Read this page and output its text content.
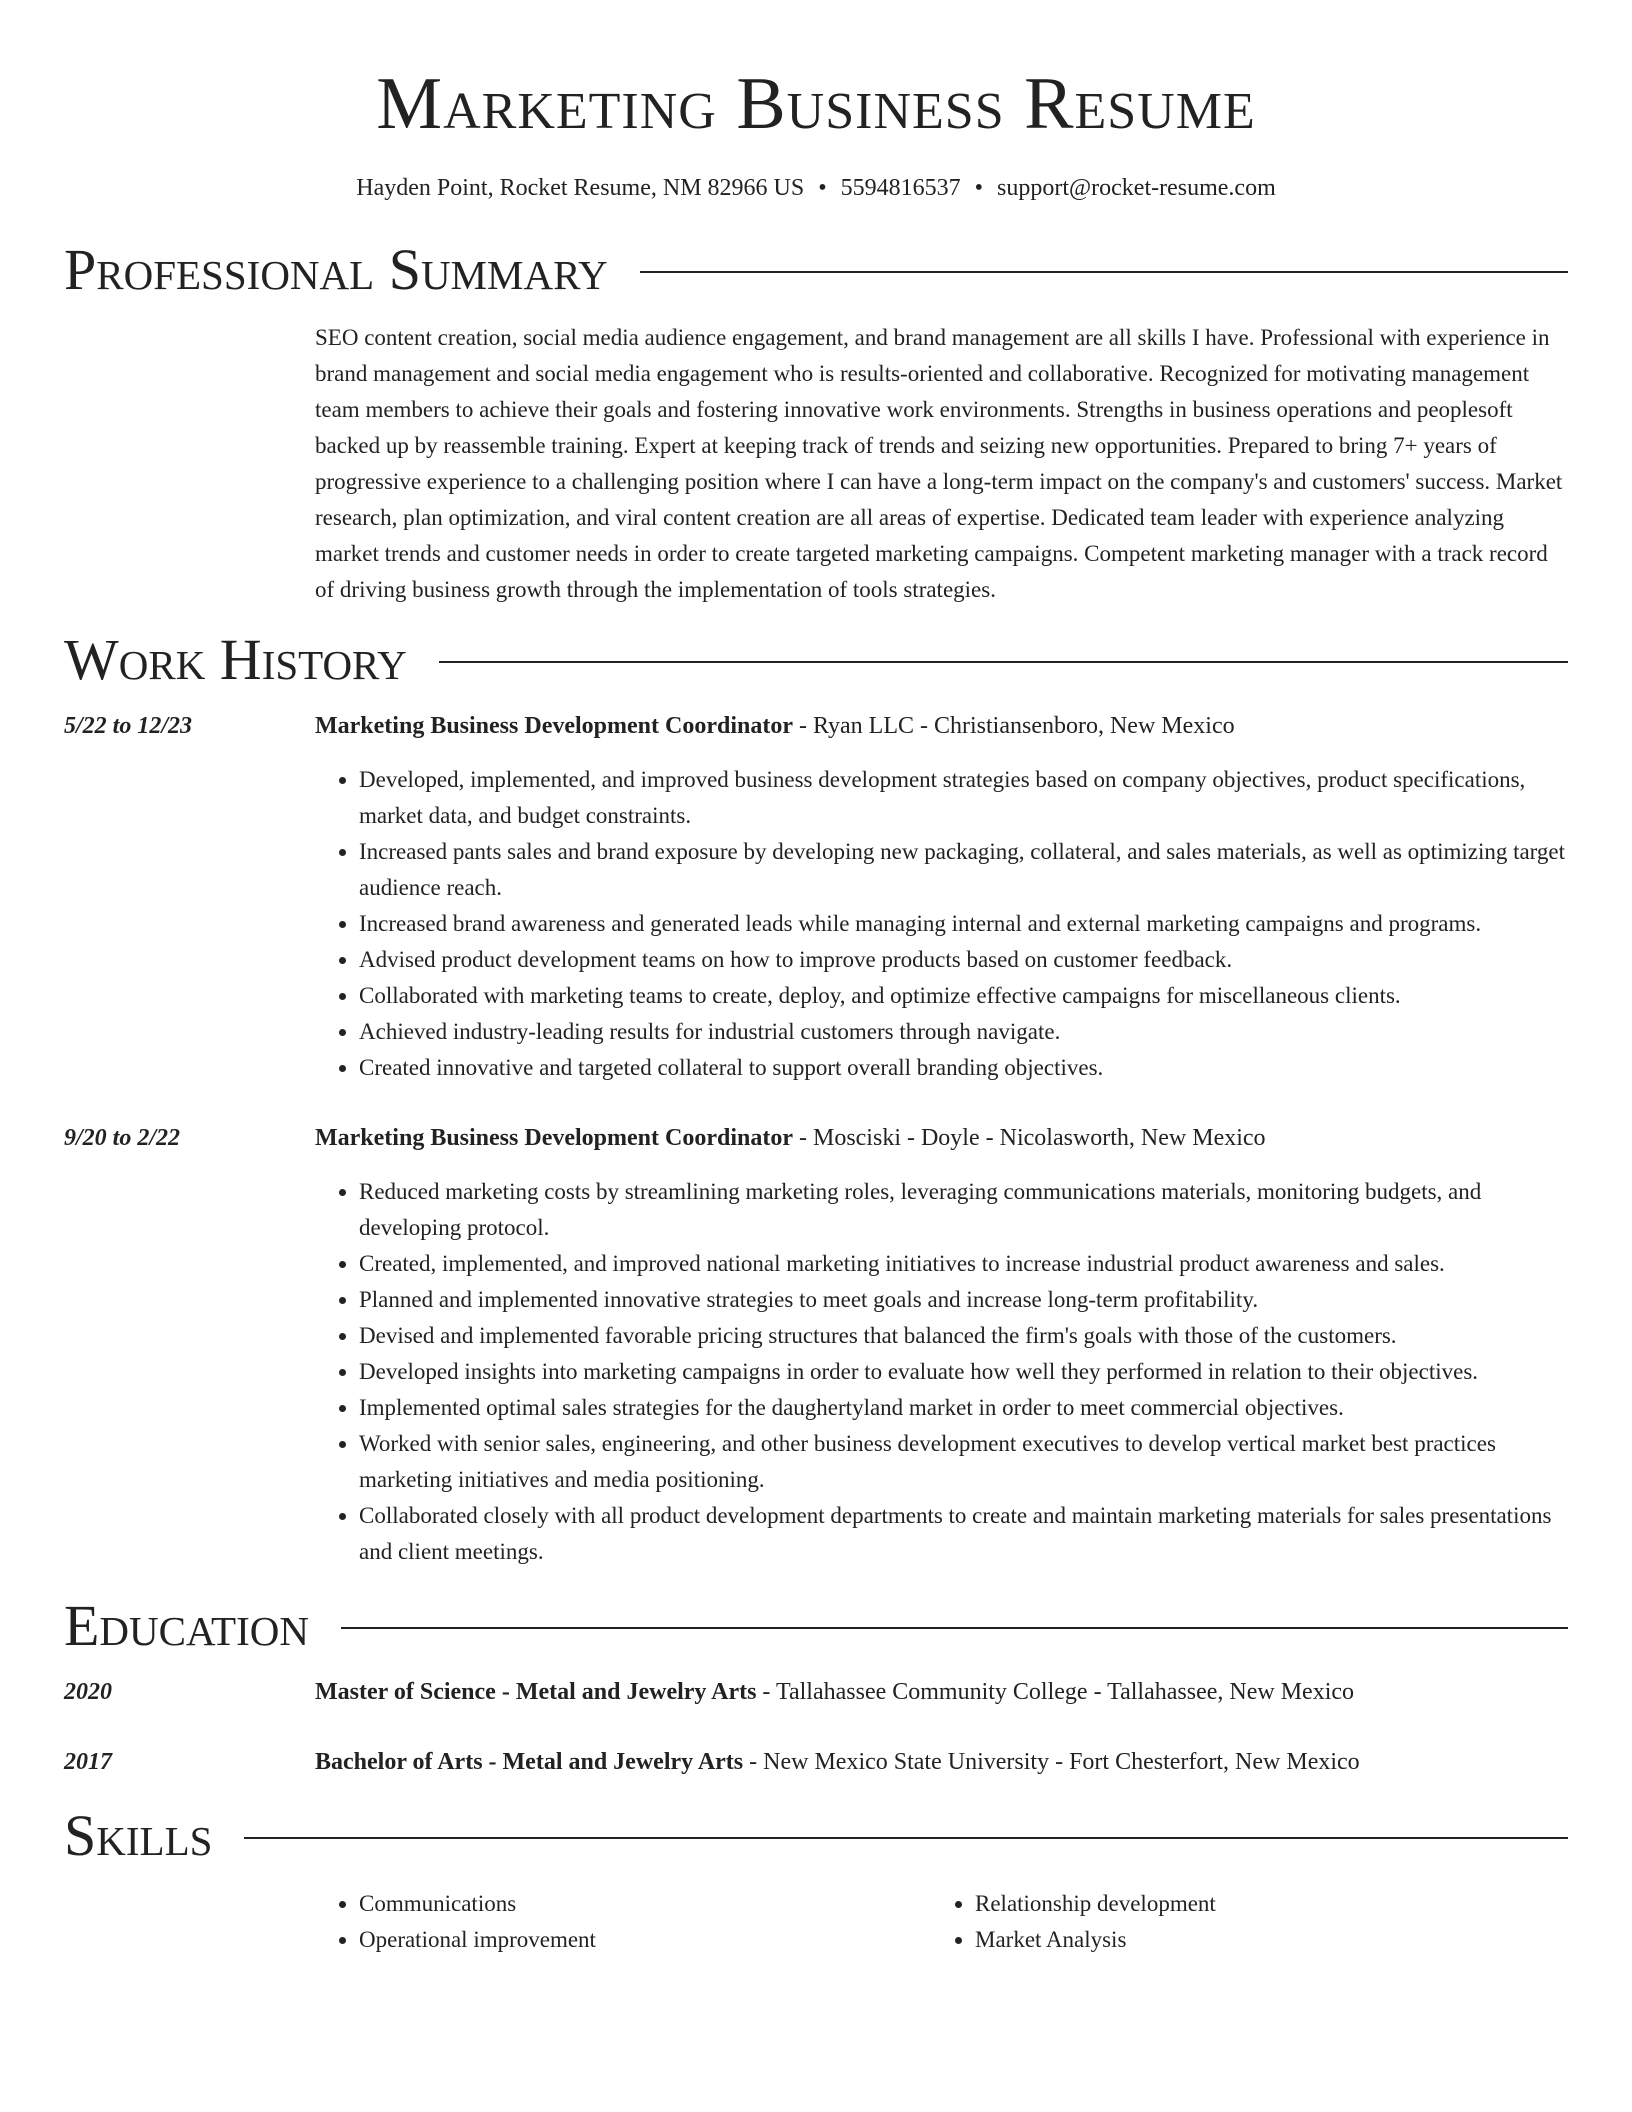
Marketing Business Resume
Hayden Point, Rocket Resume, NM 82966 US • 5594816537 • support@rocket-resume.com
Professional Summary
SEO content creation, social media audience engagement, and brand management are all skills I have. Professional with experience in brand management and social media engagement who is results-oriented and collaborative. Recognized for motivating management team members to achieve their goals and fostering innovative work environments. Strengths in business operations and peoplesoft backed up by reassemble training. Expert at keeping track of trends and seizing new opportunities. Prepared to bring 7+ years of progressive experience to a challenging position where I can have a long-term impact on the company's and customers' success. Market research, plan optimization, and viral content creation are all areas of expertise. Dedicated team leader with experience analyzing market trends and customer needs in order to create targeted marketing campaigns. Competent marketing manager with a track record of driving business growth through the implementation of tools strategies.
Work History
5/22 to 12/23	Marketing Business Development Coordinator - Ryan LLC - Christiansenboro, New Mexico
• Developed, implemented, and improved business development strategies based on company objectives, product specifications, market data, and budget constraints.
• Increased pants sales and brand exposure by developing new packaging, collateral, and sales materials, as well as optimizing target audience reach.
• Increased brand awareness and generated leads while managing internal and external marketing campaigns and programs.
• Advised product development teams on how to improve products based on customer feedback.
• Collaborated with marketing teams to create, deploy, and optimize effective campaigns for miscellaneous clients.
• Achieved industry-leading results for industrial customers through navigate.
• Created innovative and targeted collateral to support overall branding objectives.
9/20 to 2/22	Marketing Business Development Coordinator - Mosciski - Doyle - Nicolasworth, New Mexico
• Reduced marketing costs by streamlining marketing roles, leveraging communications materials, monitoring budgets, and developing protocol.
• Created, implemented, and improved national marketing initiatives to increase industrial product awareness and sales.
• Planned and implemented innovative strategies to meet goals and increase long-term profitability.
• Devised and implemented favorable pricing structures that balanced the firm's goals with those of the customers.
• Developed insights into marketing campaigns in order to evaluate how well they performed in relation to their objectives.
• Implemented optimal sales strategies for the daughertyland market in order to meet commercial objectives.
• Worked with senior sales, engineering, and other business development executives to develop vertical market best practices marketing initiatives and media positioning.
• Collaborated closely with all product development departments to create and maintain marketing materials for sales presentations and client meetings.
Education
2020	Master of Science - Metal and Jewelry Arts - Tallahassee Community College - Tallahassee, New Mexico
2017	Bachelor of Arts - Metal and Jewelry Arts - New Mexico State University - Fort Chesterfort, New Mexico
Skills
• Communications
• Operational improvement
• Relationship development
• Market Analysis
